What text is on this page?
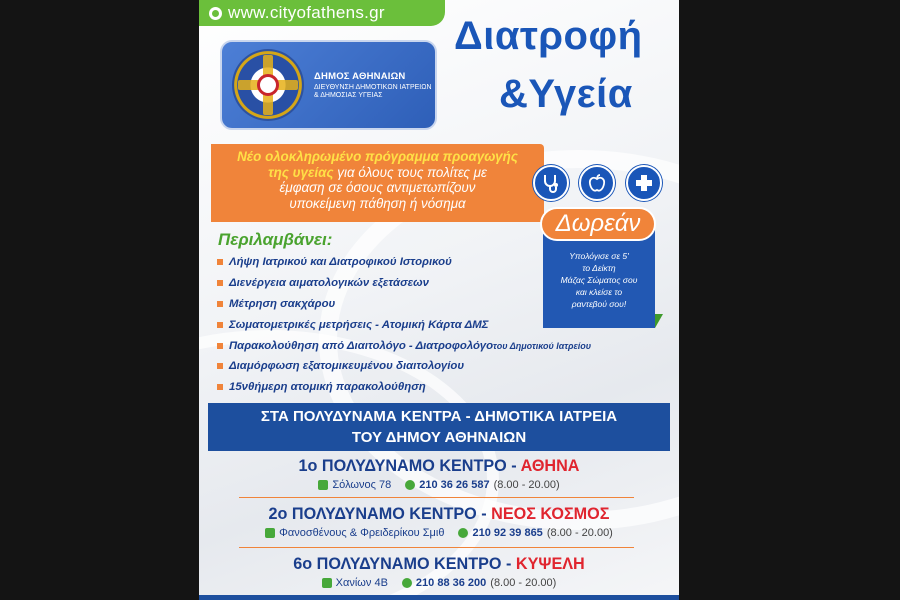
www.cityofathens.gr
ΔΗΜΟΣ ΑΘΗΝΑΙΩΝ
ΔΙΕΥΘΥΝΣΗ ΔΗΜΟΤΙΚΩΝ ΙΑΤΡΕΙΩΝ & ΔΗΜΟΣΙΑΣ ΥΓΕΙΑΣ
Διατροφή
&Υγεία
Νέο ολοκληρωμένο πρόγραμμα προαγωγής
της υγείας για όλους τους πολίτες με
έμφαση σε όσους αντιμετωπίζουν
υποκείμενη πάθηση ή νόσημα
Υπολόγισε σε 5'
το Δείκτη
Μάζας Σώματος σου
και κλείσε το
ραντεβού σου!
Δωρεάν
Περιλαμβάνει:
Λήψη Ιατρικού και Διατροφικού Ιστορικού
Διενέργεια αιματολογικών εξετάσεων
Μέτρηση σακχάρου
Σωματομετρικές μετρήσεις - Ατομική Κάρτα ΔΜΣ
Παρακολούθηση από Διαιτολόγο - Διατροφολόγο του Δημοτικού Ιατρείου
Διαμόρφωση εξατομικευμένου διαιτολογίου
15νθήμερη ατομική παρακολούθηση
ΣΤΑ ΠΟΛΥΔΥΝΑΜΑ ΚΕΝΤΡΑ - ΔΗΜΟΤΙΚΑ ΙΑΤΡΕΙΑ
ΤΟΥ ΔΗΜΟΥ ΑΘΗΝΑΙΩΝ
1ο ΠΟΛΥΔΥΝΑΜΟ ΚΕΝΤΡΟ - ΑΘΗΝΑ
Σόλωνος 78	210 36 26 587 (8.00 - 20.00)
2ο ΠΟΛΥΔΥΝΑΜΟ ΚΕΝΤΡΟ - ΝΕΟΣ ΚΟΣΜΟΣ
Φανοσθένους & Φρειδερίκου Σμιθ	210 92 39 865 (8.00 - 20.00)
6ο ΠΟΛΥΔΥΝΑΜΟ ΚΕΝΤΡΟ - ΚΥΨΕΛΗ
Χανίων 4Β	210 88 36 200 (8.00 - 20.00)
